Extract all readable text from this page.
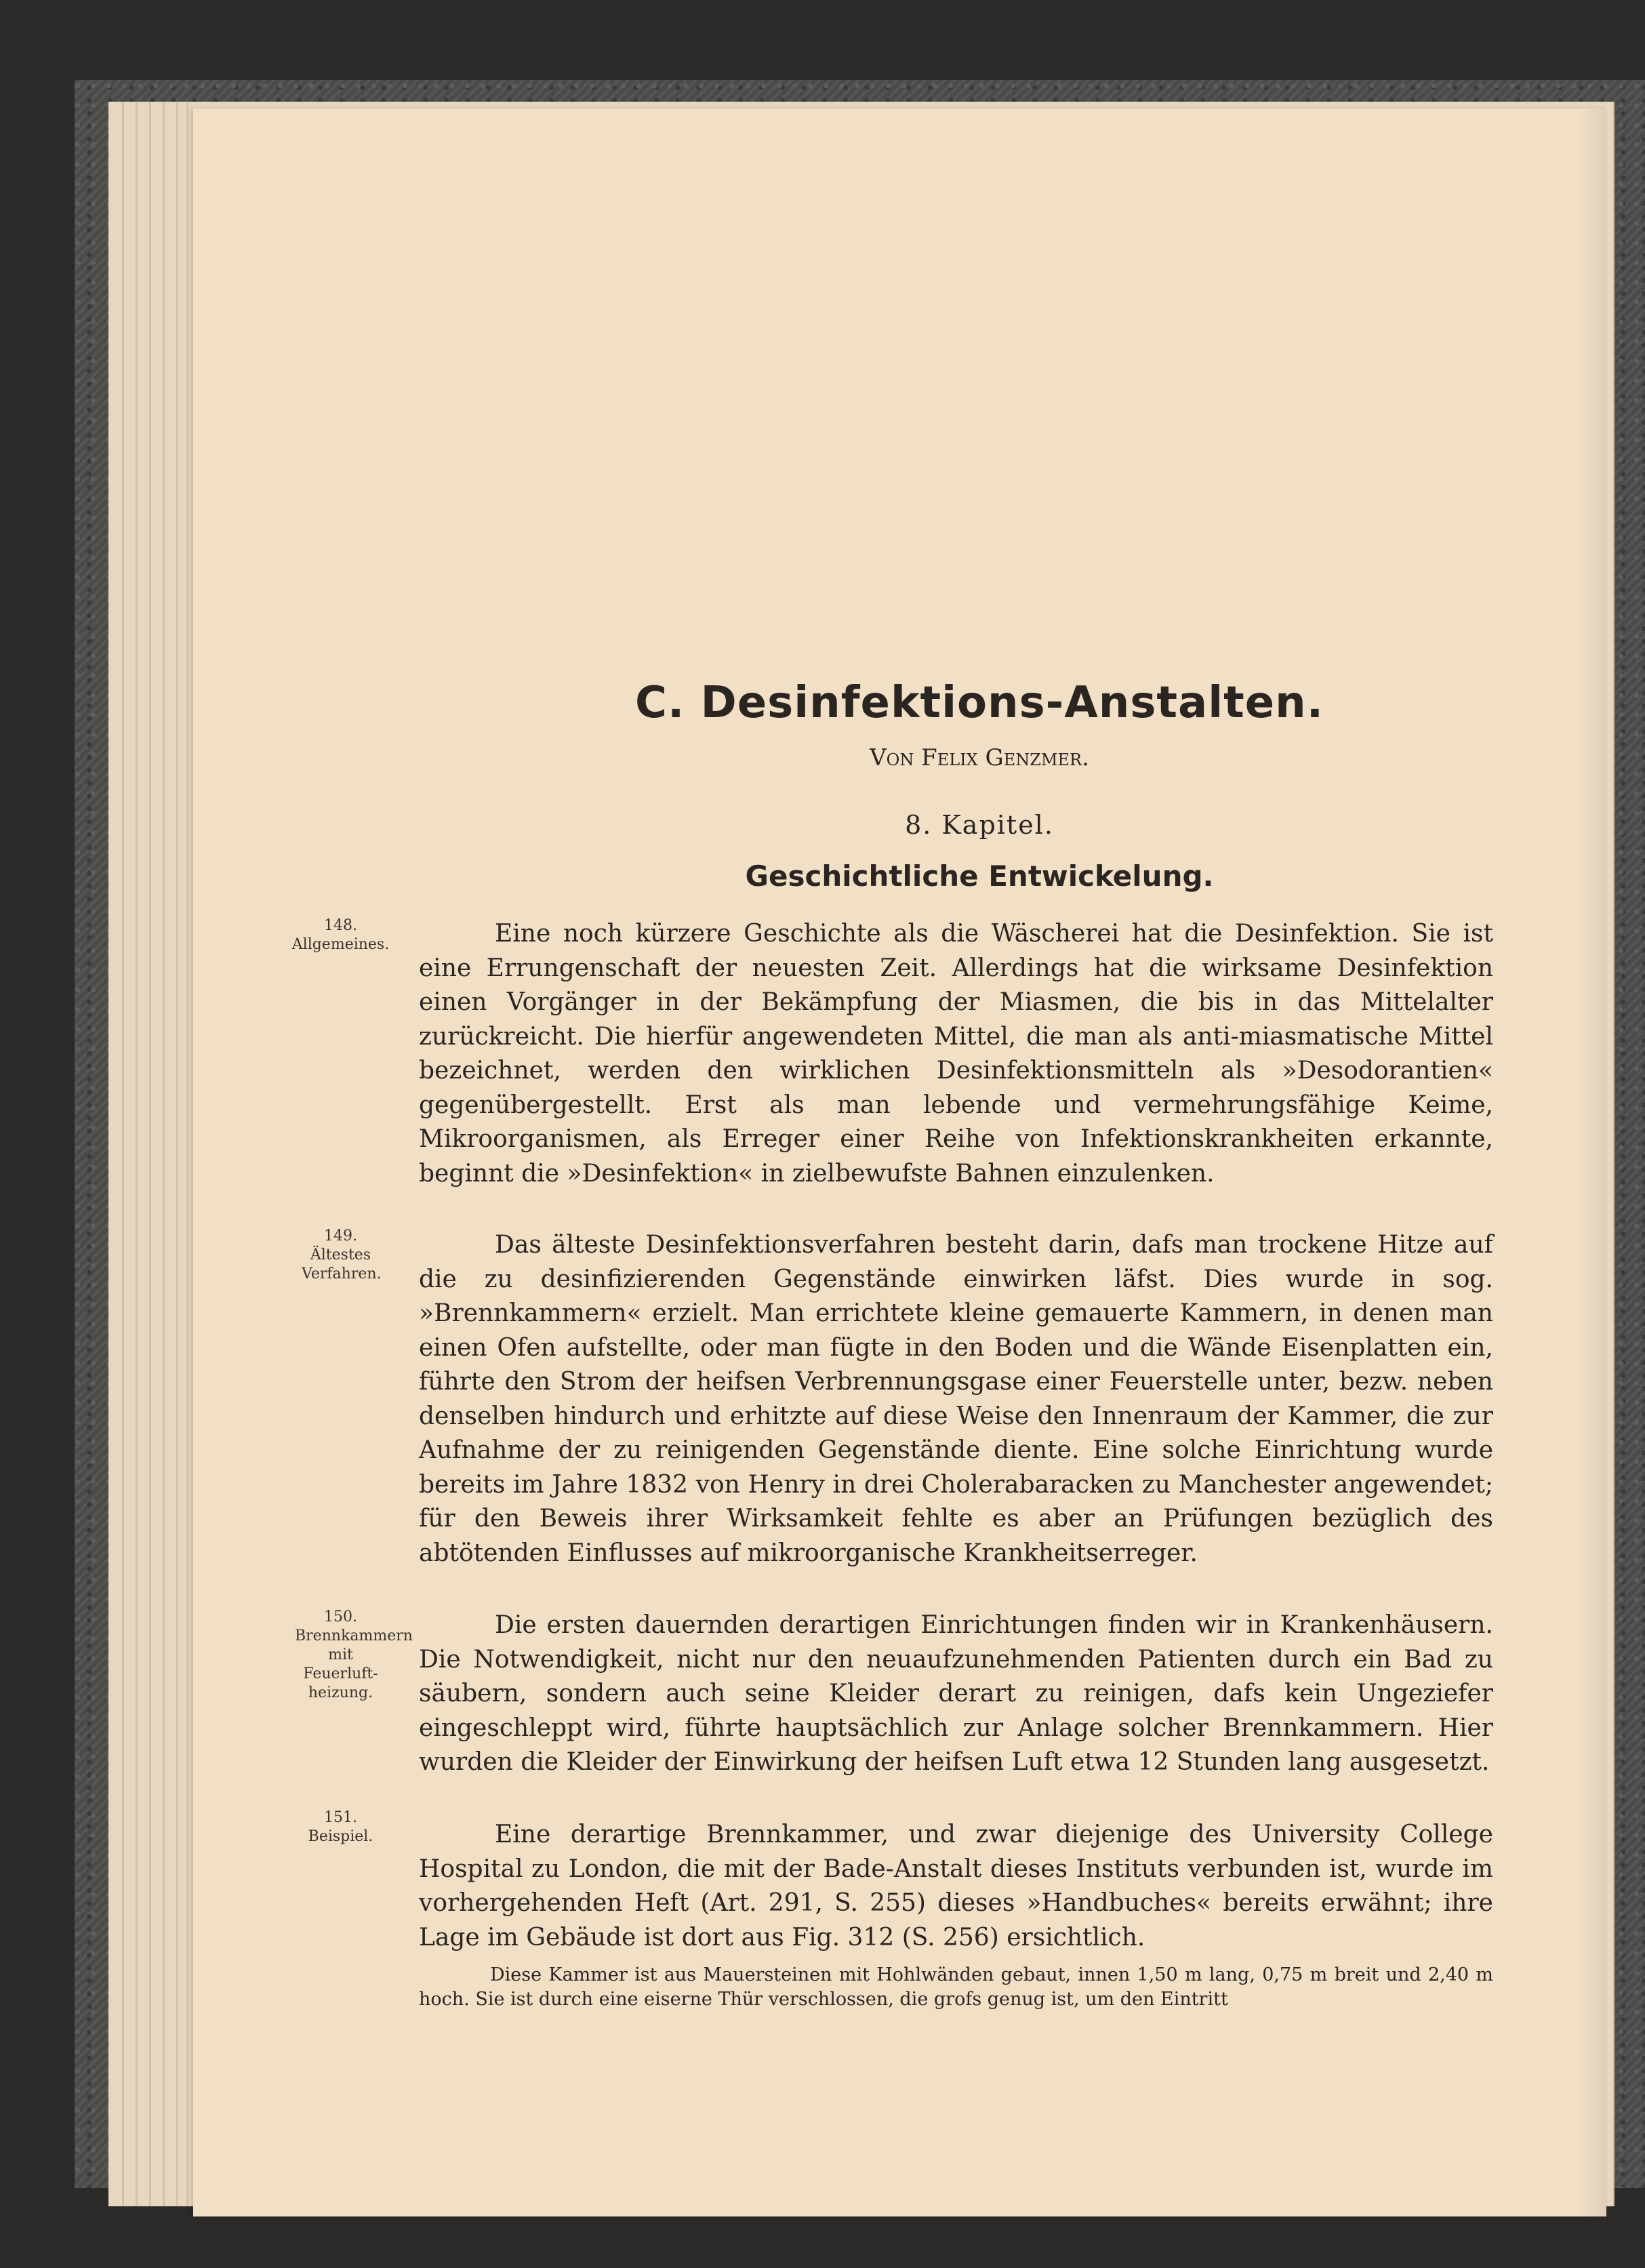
C. Desinfektions-Anstalten.
Von Felix Genzmer.
8. Kapitel.
Geschichtliche Entwickelung.
148.
Allgemeines.
149.
Ältestes Verfahren.
150.
Brennkammern mit Feuerluft-heizung.
151.
Beispiel.

Eine noch kürzere Geschichte als die Wäscherei hat die Desinfektion. Sie ist eine Errungenschaft der neuesten Zeit. Allerdings hat die wirksame Desinfektion einen Vorgänger in der Bekämpfung der Miasmen, die bis in das Mittelalter zurückreicht. Die hierfür angewendeten Mittel, die man als anti-miasmatische Mittel bezeichnet, werden den wirklichen Desinfektionsmitteln als »Desodorantien« gegenübergestellt. Erst als man lebende und vermehrungsfähige Keime, Mikroorganismen, als Erreger einer Reihe von Infektionskrankheiten erkannte, beginnt die »Desinfektion« in zielbewufste Bahnen einzulenken.

Das älteste Desinfektionsverfahren besteht darin, dafs man trockene Hitze auf die zu desinfizierenden Gegenstände einwirken läfst. Dies wurde in sog. »Brennkammern« erzielt. Man errichtete kleine gemauerte Kammern, in denen man einen Ofen aufstellte, oder man fügte in den Boden und die Wände Eisenplatten ein, führte den Strom der heifsen Verbrennungsgase einer Feuerstelle unter, bezw. neben denselben hindurch und erhitzte auf diese Weise den Innenraum der Kammer, die zur Aufnahme der zu reinigenden Gegenstände diente. Eine solche Einrichtung wurde bereits im Jahre 1832 von Henry in drei Cholerabaracken zu Manchester angewendet; für den Beweis ihrer Wirksamkeit fehlte es aber an Prüfungen bezüglich des abtötenden Einflusses auf mikroorganische Krankheitserreger.

Die ersten dauernden derartigen Einrichtungen finden wir in Krankenhäusern. Die Notwendigkeit, nicht nur den neuaufzunehmenden Patienten durch ein Bad zu säubern, sondern auch seine Kleider derart zu reinigen, dafs kein Ungeziefer eingeschleppt wird, führte hauptsächlich zur Anlage solcher Brennkammern. Hier wurden die Kleider der Einwirkung der heifsen Luft etwa 12 Stunden lang ausgesetzt.

Eine derartige Brennkammer, und zwar diejenige des University College Hospital zu London, die mit der Bade-Anstalt dieses Instituts verbunden ist, wurde im vorhergehenden Heft (Art. 291, S. 255) dieses »Handbuches« bereits erwähnt; ihre Lage im Gebäude ist dort aus Fig. 312 (S. 256) ersichtlich.

Diese Kammer ist aus Mauersteinen mit Hohlwänden gebaut, innen 1,50 m lang, 0,75 m breit und 2,40 m hoch. Sie ist durch eine eiserne Thür verschlossen, die grofs genug ist, um den Eintritt
